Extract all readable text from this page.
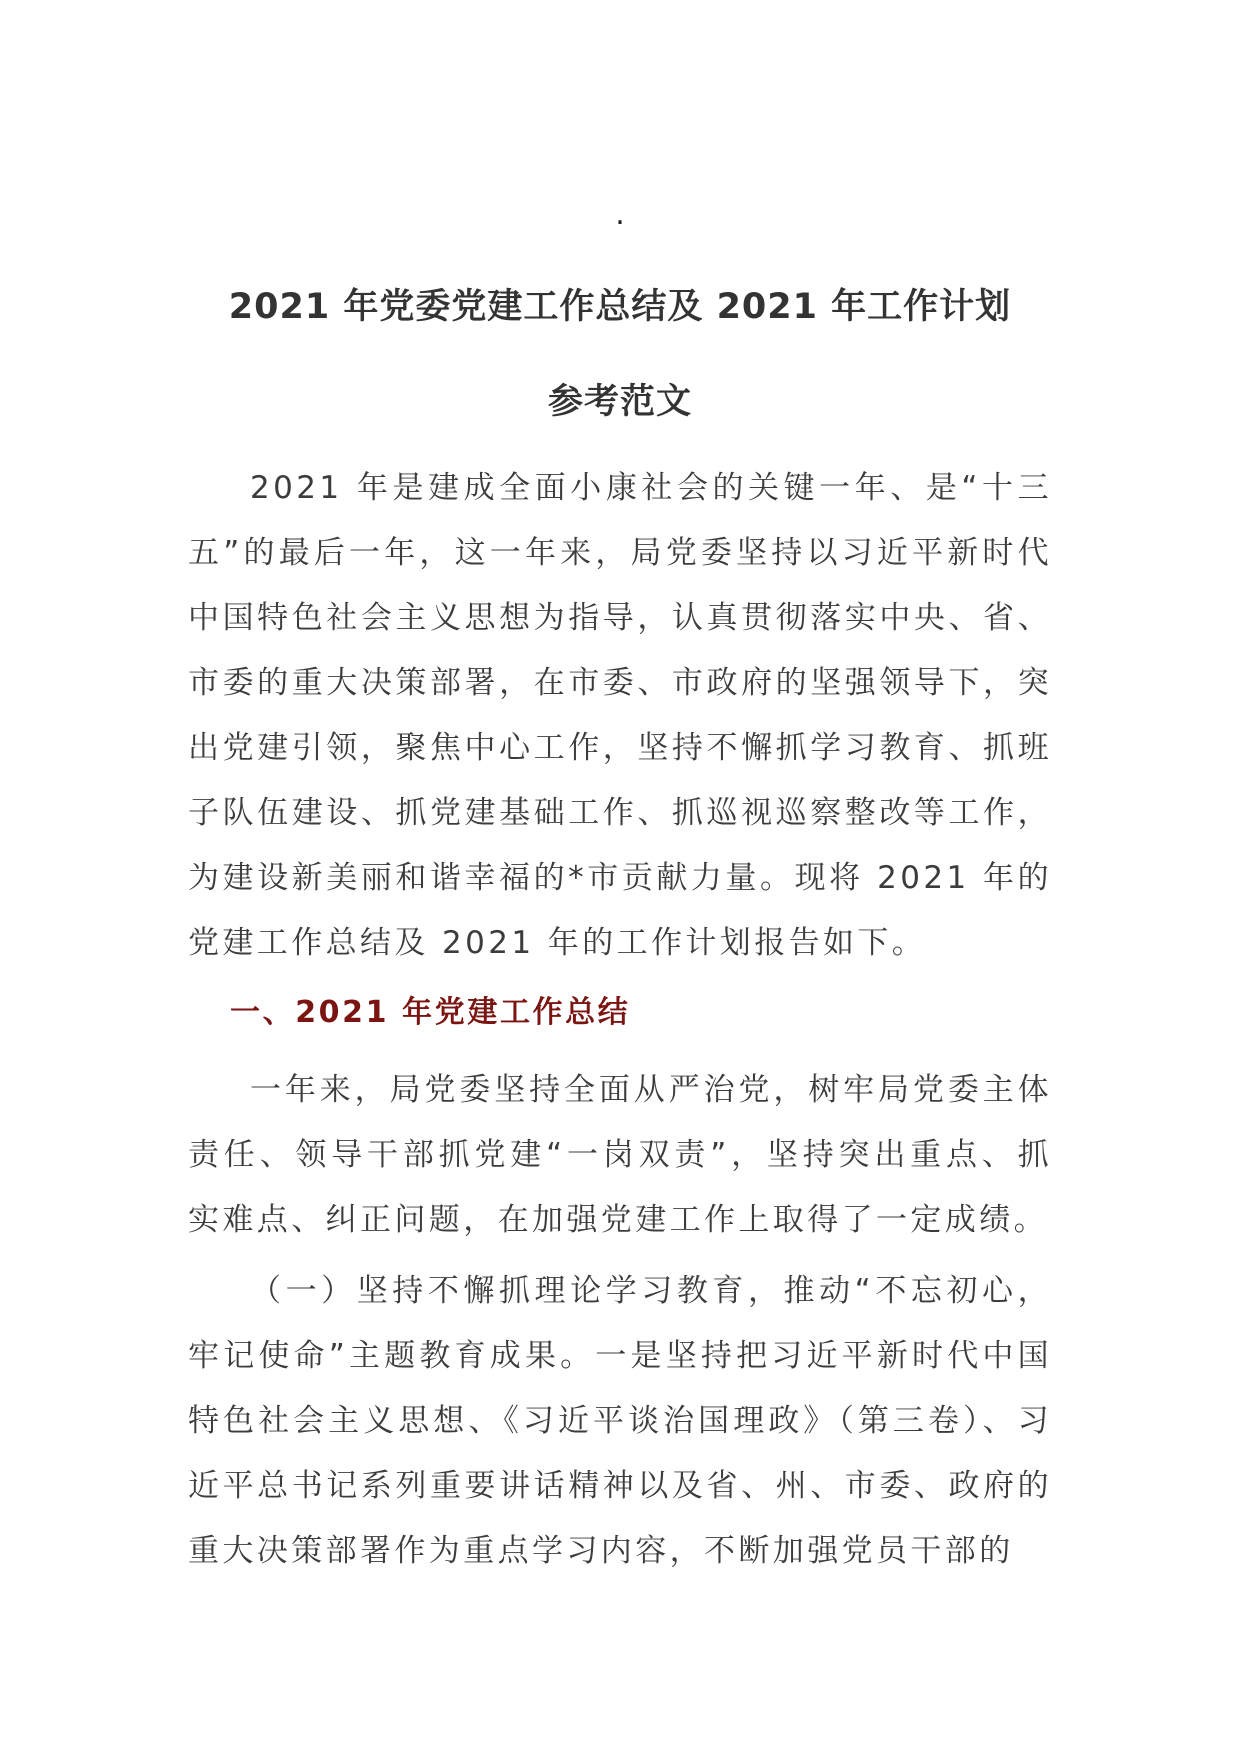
.
2021 年党委党建工作总结及 2021 年工作计划
参考范文

2021 年是建成全面小康社会的关键一年、是“十三五”的最后一年，这一年来，局党委坚持以习近平新时代中国特色社会主义思想为指导，认真贯彻落实中央、省、市委的重大决策部署，在市委、市政府的坚强领导下，突出党建引领，聚焦中心工作，坚持不懈抓学习教育、抓班子队伍建设、抓党建基础工作、抓巡视巡察整改等工作，为建设新美丽和谐幸福的*市贡献力量。现将 2021 年的党建工作总结及 2021 年的工作计划报告如下。

一、2021 年党建工作总结

一年来，局党委坚持全面从严治党，树牢局党委主体责任、领导干部抓党建“一岗双责”，坚持突出重点、抓实难点、纠正问题，在加强党建工作上取得了一定成绩。

（一）坚持不懈抓理论学习教育，推动“不忘初心，牢记使命”主题教育成果。一是坚持把习近平新时代中国特色社会主义思想、《习近平谈治国理政》（第三卷）、习近平总书记系列重要讲话精神以及省、州、市委、政府的重大决策部署作为重点学习内容，不断加强党员干部的
